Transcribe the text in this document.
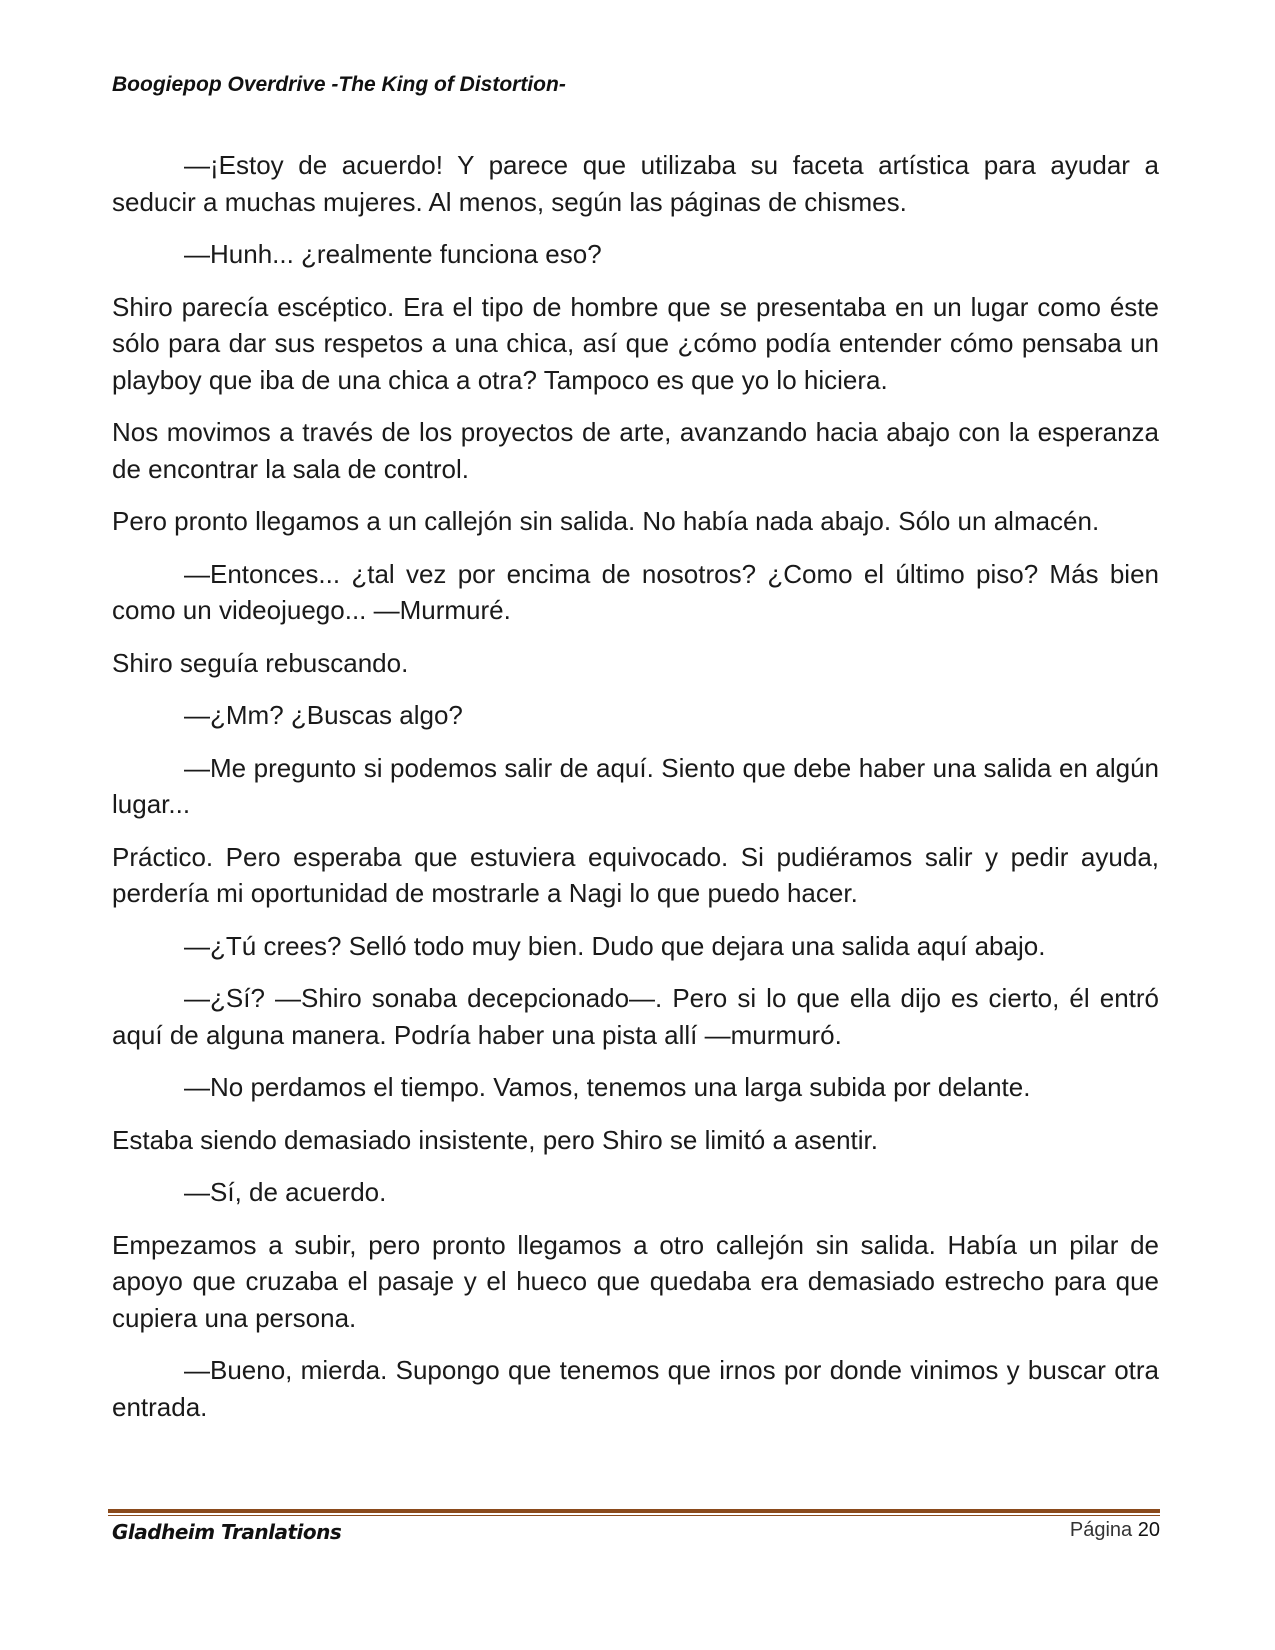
Boogiepop Overdrive -The King of Distortion-

—¡Estoy de acuerdo! Y parece que utilizaba su faceta artística para ayudar a seducir a muchas mujeres. Al menos, según las páginas de chismes.

—Hunh... ¿realmente funciona eso?

Shiro parecía escéptico. Era el tipo de hombre que se presentaba en un lugar como éste sólo para dar sus respetos a una chica, así que ¿cómo podía entender cómo pensaba un playboy que iba de una chica a otra? Tampoco es que yo lo hiciera.

Nos movimos a través de los proyectos de arte, avanzando hacia abajo con la esperanza de encontrar la sala de control.

Pero pronto llegamos a un callejón sin salida. No había nada abajo. Sólo un almacén.

—Entonces... ¿tal vez por encima de nosotros? ¿Como el último piso? Más bien como un videojuego... —Murmuré.

Shiro seguía rebuscando.

—¿Mm? ¿Buscas algo?

—Me pregunto si podemos salir de aquí. Siento que debe haber una salida en algún lugar...

Práctico. Pero esperaba que estuviera equivocado. Si pudiéramos salir y pedir ayuda, perdería mi oportunidad de mostrarle a Nagi lo que puedo hacer.

—¿Tú crees? Selló todo muy bien. Dudo que dejara una salida aquí abajo.

—¿Sí? —Shiro sonaba decepcionado—. Pero si lo que ella dijo es cierto, él entró aquí de alguna manera. Podría haber una pista allí —murmuró.

—No perdamos el tiempo. Vamos, tenemos una larga subida por delante.

Estaba siendo demasiado insistente, pero Shiro se limitó a asentir.

—Sí, de acuerdo.

Empezamos a subir, pero pronto llegamos a otro callejón sin salida. Había un pilar de apoyo que cruzaba el pasaje y el hueco que quedaba era demasiado estrecho para que cupiera una persona.

—Bueno, mierda. Supongo que tenemos que irnos por donde vinimos y buscar otra entrada.

Gladheim Tranlations	Página 20
